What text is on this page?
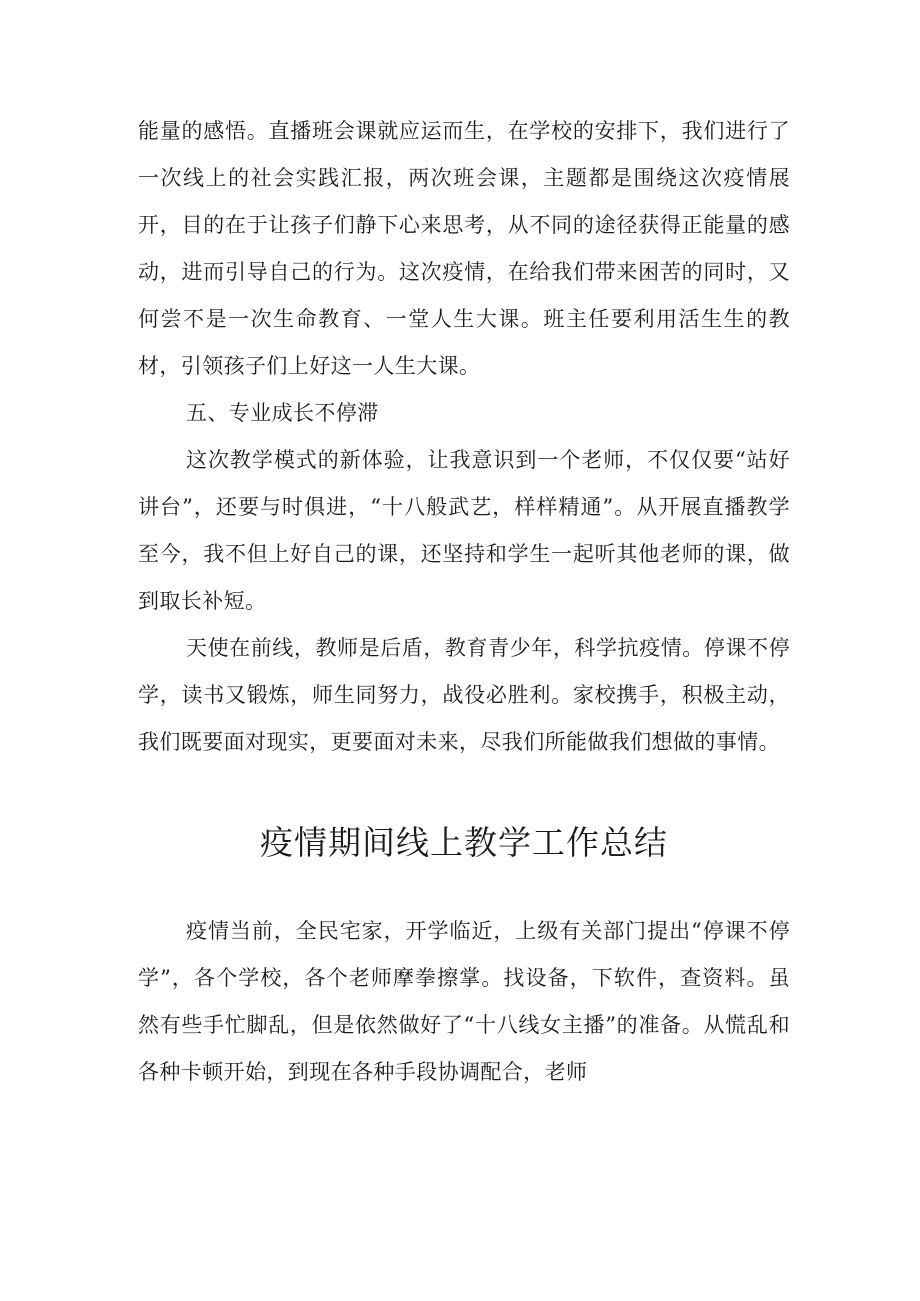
能量的感悟。直播班会课就应运而生，在学校的安排下，我们进行了一次线上的社会实践汇报，两次班会课，主题都是围绕这次疫情展开，目的在于让孩子们静下心来思考，从不同的途径获得正能量的感动，进而引导自己的行为。这次疫情，在给我们带来困苦的同时，又何尝不是一次生命教育、一堂人生大课。班主任要利用活生生的教材，引领孩子们上好这一人生大课。

五、专业成长不停滞

这次教学模式的新体验，让我意识到一个老师，不仅仅要“站好讲台”，还要与时俱进，“十八般武艺，样样精通”。从开展直播教学至今，我不但上好自己的课，还坚持和学生一起听其他老师的课，做到取长补短。

天使在前线，教师是后盾，教育青少年，科学抗疫情。停课不停学，读书又锻炼，师生同努力，战役必胜利。家校携手，积极主动，我们既要面对现实，更要面对未来，尽我们所能做我们想做的事情。

疫情期间线上教学工作总结

疫情当前，全民宅家，开学临近，上级有关部门提出“停课不停学”，各个学校，各个老师摩拳擦掌。找设备，下软件，查资料。虽然有些手忙脚乱，但是依然做好了“十八线女主播”的准备。从慌乱和各种卡顿开始，到现在各种手段协调配合，老师
